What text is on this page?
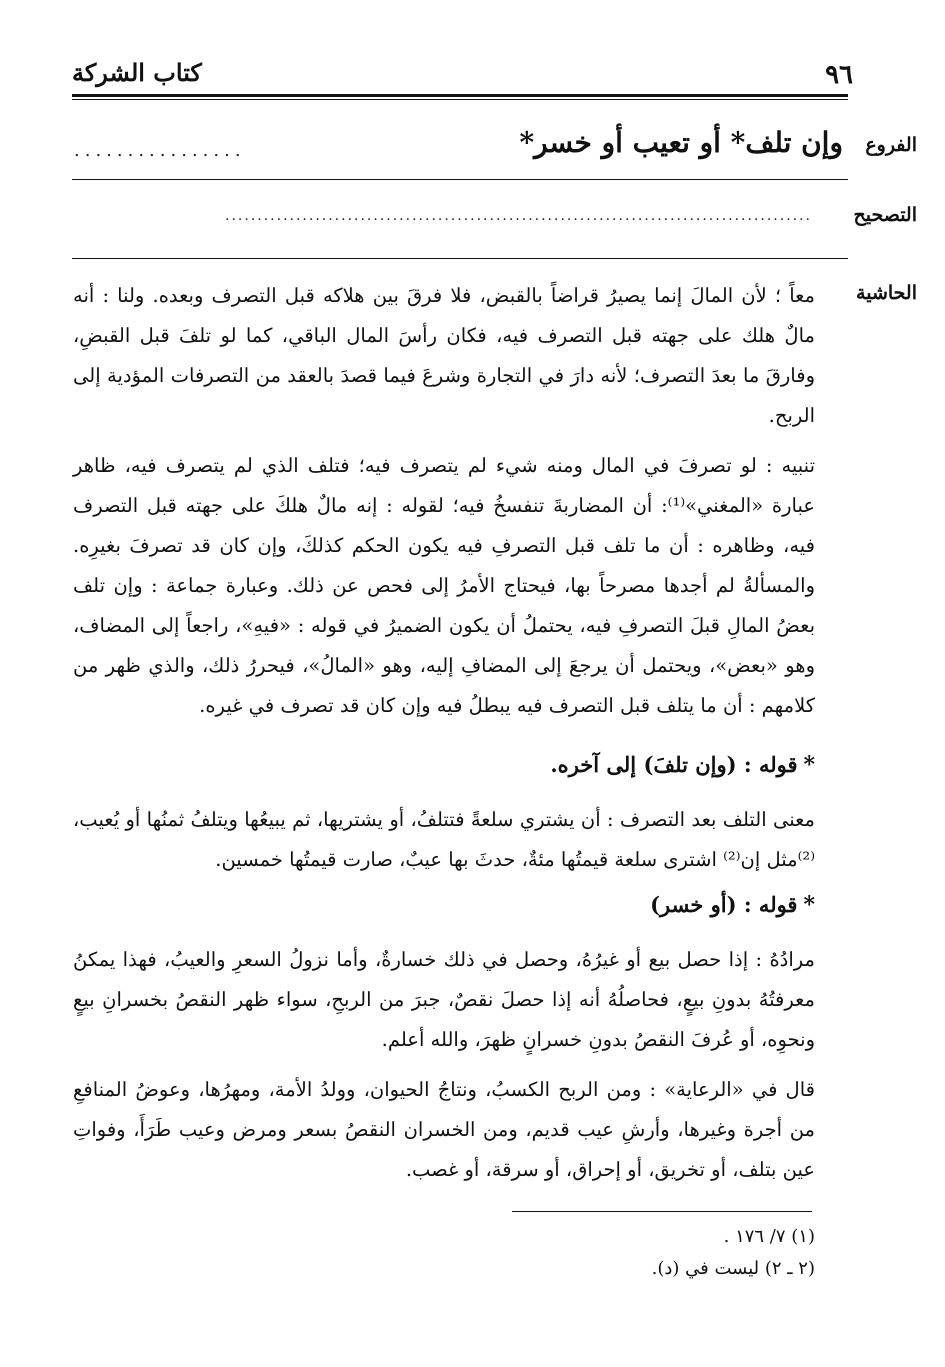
٩٦
كتاب الشركة
الفروع
وإن تلف* أو تعيب أو خسر*
................
التصحيح
...........................................................................................
الحاشية

معاً ؛ لأن المالَ إنما يصيرُ قراضاً بالقبض، فلا فرقَ بين هلاكه قبل التصرف وبعده. ولنا : أنه مالٌ هلك على جهته قبل التصرف فيه، فكان رأسَ المال الباقي، كما لو تلفَ قبل القبضِ، وفارقَ ما بعدَ التصرف؛ لأنه دارَ في التجارة وشرعَ فيما قصدَ بالعقد من التصرفات المؤدية إلى الربح.

تنبيه : لو تصرفَ في المال ومنه شيء لم يتصرف فيه؛ فتلف الذي لم يتصرف فيه، ظاهر عبارة «المغني»⁽¹⁾: أن المضاربةَ تنفسخُ فيه؛ لقوله : إنه مالٌ هلكَ على جهته قبل التصرف فيه، وظاهره : أن ما تلف قبل التصرفِ فيه يكون الحكم كذلكَ، وإن كان قد تصرفَ بغيرِه. والمسألةُ لم أجدها مصرحاً بها، فيحتاج الأمرُ إلى فحص عن ذلك. وعبارة جماعة : وإن تلف بعضُ المالِ قبلَ التصرفِ فيه، يحتملُ أن يكون الضميرُ في قوله : «فيهِ»، راجعاً إلى المضاف، وهو «بعض»، ويحتمل أن يرجعَ إلى المضافِ إليه، وهو «المالُ»، فيحررُ ذلك، والذي ظهر من كلامهم : أن ما يتلف قبل التصرف فيه يبطلُ فيه وإن كان قد تصرف في غيره.

*قوله : (وإن تلفَ) إلى آخره.

معنى التلف بعد التصرف : أن يشتري سلعةً فتتلفُ، أو يشتريها، ثم يبيعُها ويتلفُ ثمنُها أو يُعيب، ⁽²⁾مثل إن⁽²⁾ اشترى سلعة قيمتُها مئةٌ، حدثَ بها عيبٌ، صارت قيمتُها خمسين.

*قوله : (أو خسر)

مرادُهُ : إذا حصل بيع أو غيرُهُ، وحصل في ذلك خسارةٌ، وأما نزولُ السعرِ والعيبُ، فهذا يمكنُ معرفتُهُ بدونِ بيعٍ، فحاصلُهُ أنه إذا حصلَ نقصٌ، جبرَ من الربحِ، سواء ظهر النقصُ بخسرانِ بيعٍ ونحوِه، أو عُرفَ النقصُ بدونِ خسرانٍ ظهرَ، والله أعلم.

قال في «الرعاية» : ومن الربح الكسبُ، ونتاجُ الحيوان، وولدُ الأمة، ومهرُها، وعوضُ المنافعِ من أجرة وغيرها، وأرشِ عيب قديم، ومن الخسران النقصُ بسعر ومرض وعيب طَرَأَ، وفواتِ عين بتلف، أو تخريق، أو إحراق، أو سرقة، أو غصب.

(١) ٧/ ١٧٦ .
(٢ ـ ٢) ليست في (د).
